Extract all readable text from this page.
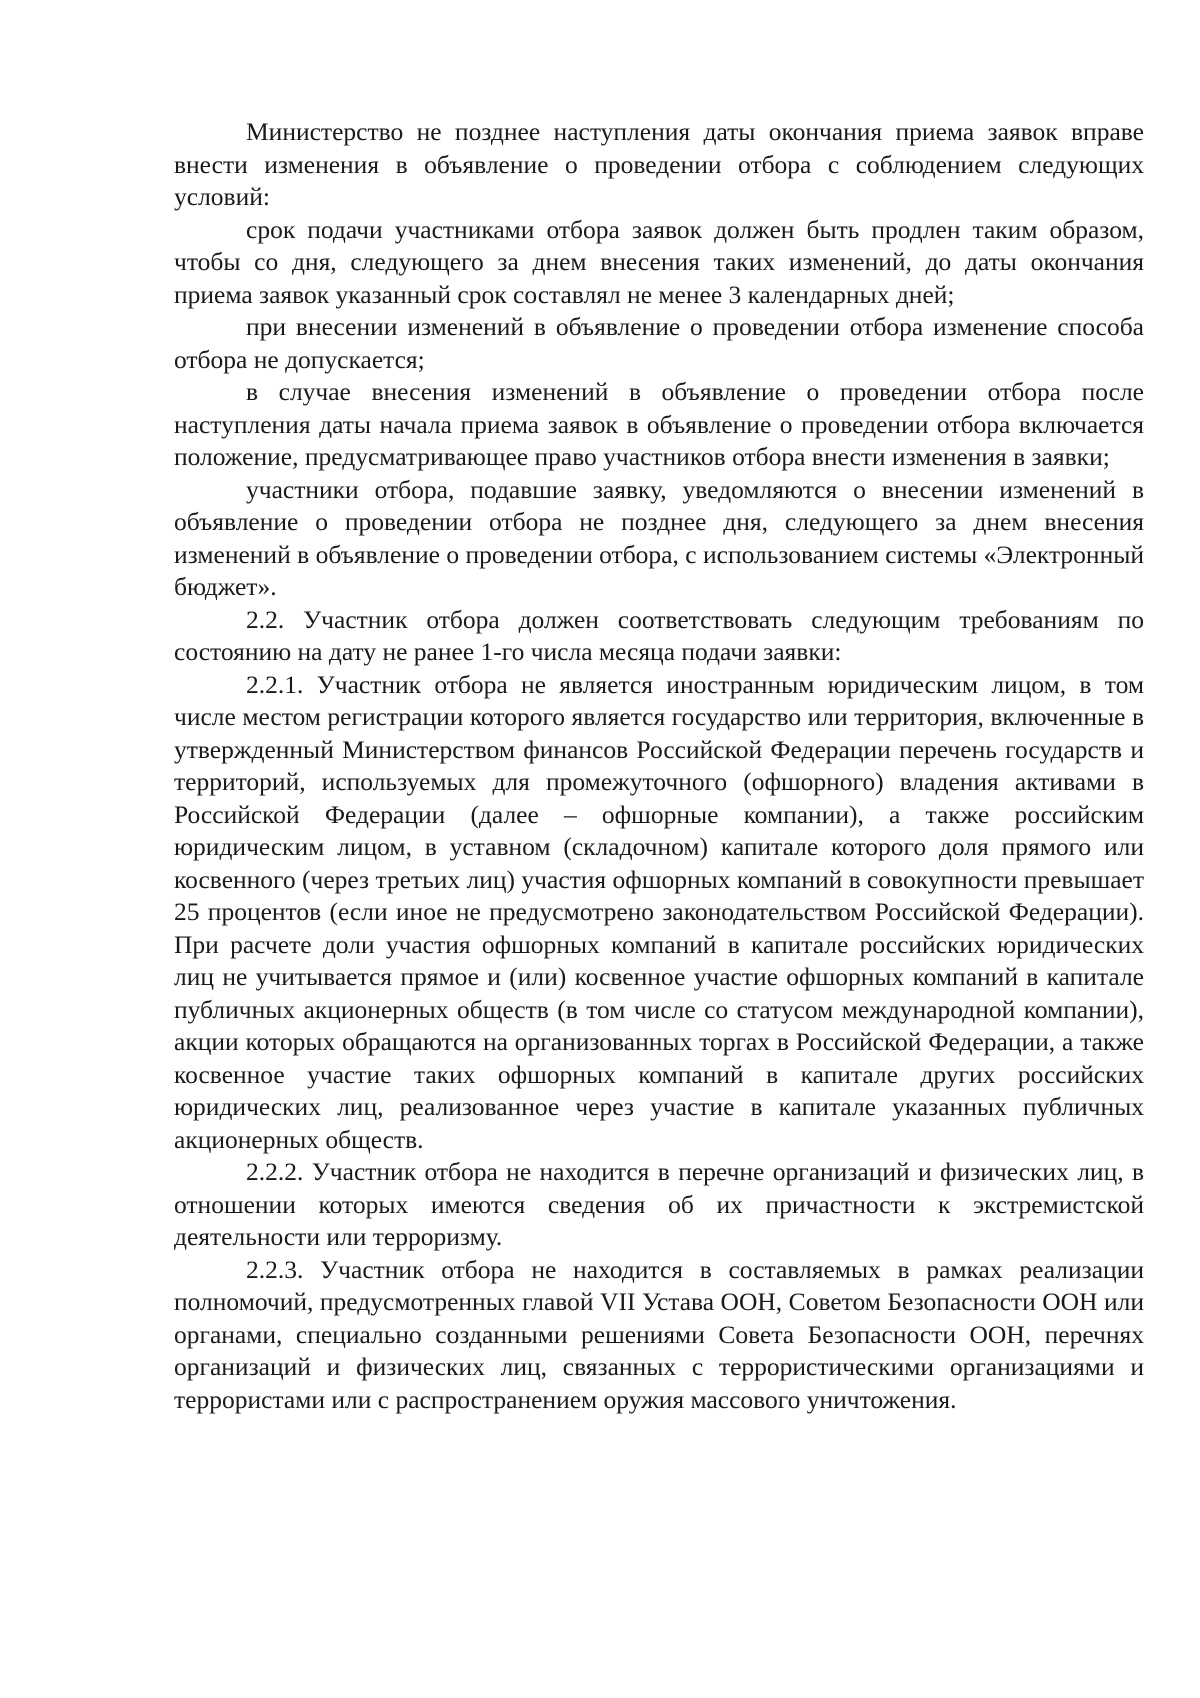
Министерство не позднее наступления даты окончания приема заявок вправе внести изменения в объявление о проведении отбора с соблюдением следующих условий:

срок подачи участниками отбора заявок должен быть продлен таким образом, чтобы со дня, следующего за днем внесения таких изменений, до даты окончания приема заявок указанный срок составлял не менее 3 календарных дней;

при внесении изменений в объявление о проведении отбора изменение способа отбора не допускается;

в случае внесения изменений в объявление о проведении отбора после наступления даты начала приема заявок в объявление о проведении отбора включается положение, предусматривающее право участников отбора внести изменения в заявки;

участники отбора, подавшие заявку, уведомляются о внесении изменений в объявление о проведении отбора не позднее дня, следующего за днем внесения изменений в объявление о проведении отбора, с использованием системы «Электронный бюджет».

2.2. Участник отбора должен соответствовать следующим требованиям по состоянию на дату не ранее 1-го числа месяца подачи заявки:

2.2.1. Участник отбора не является иностранным юридическим лицом, в том числе местом регистрации которого является государство или территория, включенные в утвержденный Министерством финансов Российской Федерации перечень государств и территорий, используемых для промежуточного (офшорного) владения активами в Российской Федерации (далее – офшорные компании), а также российским юридическим лицом, в уставном (складочном) капитале которого доля прямого или косвенного (через третьих лиц) участия офшорных компаний в совокупности превышает 25 процентов (если иное не предусмотрено законодательством Российской Федерации). При расчете доли участия офшорных компаний в капитале российских юридических лиц не учитывается прямое и (или) косвенное участие офшорных компаний в капитале публичных акционерных обществ (в том числе со статусом международной компании), акции которых обращаются на организованных торгах в Российской Федерации, а также косвенное участие таких офшорных компаний в капитале других российских юридических лиц, реализованное через участие в капитале указанных публичных акционерных обществ.

2.2.2. Участник отбора не находится в перечне организаций и физических лиц, в отношении которых имеются сведения об их причастности к экстремистской деятельности или терроризму.

2.2.3. Участник отбора не находится в составляемых в рамках реализации полномочий, предусмотренных главой VII Устава ООН, Советом Безопасности ООН или органами, специально созданными решениями Совета Безопасности ООН, перечнях организаций и физических лиц, связанных с террористическими организациями и террористами или с распространением оружия массового уничтожения.
